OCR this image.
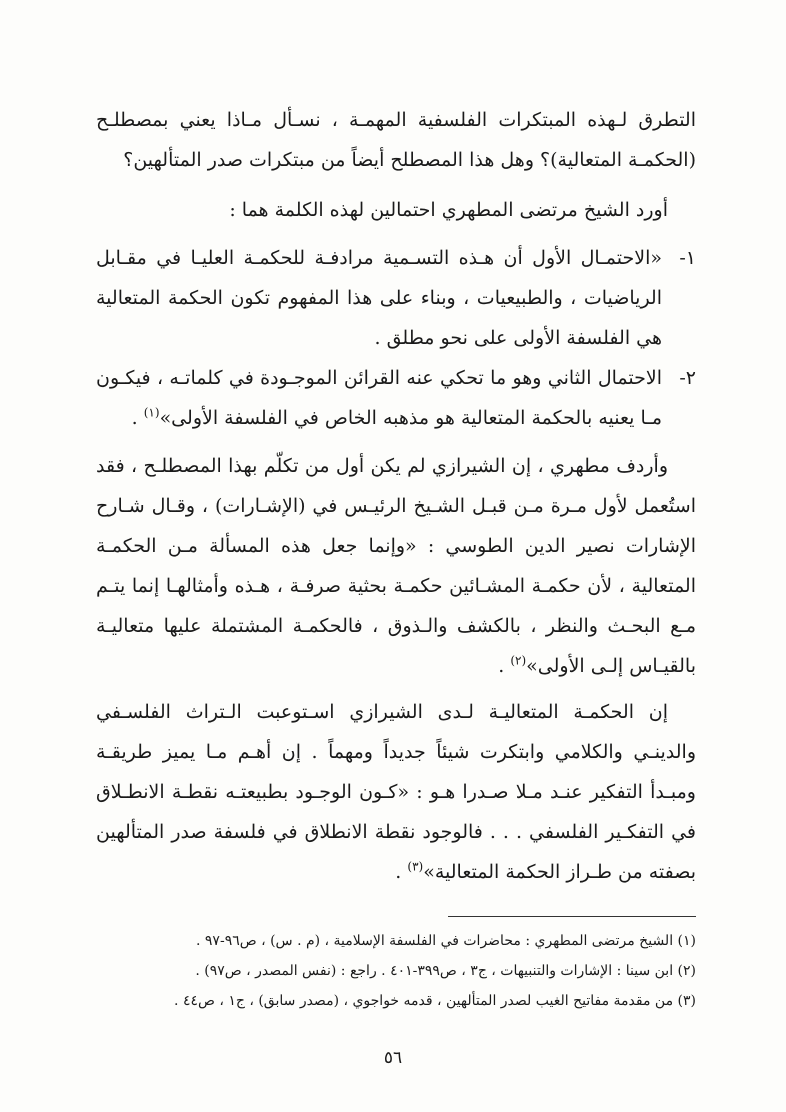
التطرق لـهذه المبتكرات الفلسفية المهمـة ، نسـأل مـاذا يعني بمصطلـح (الحكمـة المتعالية)؟ وهل هذا المصطلح أيضاً من مبتكرات صدر المتألهين؟

أورد الشيخ مرتضى المطهري احتمالين لهذه الكلمة هما :

١-
«الاحتمـال الأول أن هـذه التسـمية مرادفـة للحكمـة العليـا في مقـابل الرياضيات ، والطبيعيات ، وبناء على هذا المفهوم تكون الحكمة المتعالية هي الفلسفة الأولى على نحو مطلق .
٢-
الاحتمال الثاني وهو ما تحكي عنه القرائن الموجـودة في كلماتـه ، فيكـون مـا يعنيه بالحكمة المتعالية هو مذهبه الخاص في الفلسفة الأولى»$^{(١)}$ .

وأردف مطهري ، إن الشيرازي لم يكن أول من تكلّم بهذا المصطلـح ، فقد استُعمل لأول مـرة مـن قبـل الشـيخ الرئيـس في (الإشـارات) ، وقـال شـارح الإشارات نصير الدين الطوسي : «وإنما جعل هذه المسألة مـن الحكمـة المتعالية ، لأن حكمـة المشـائين حكمـة بحثية صرفـة ، هـذه وأمثالهـا إنما يتـم مـع البحـث والنظر ، بالكشف والـذوق ، فالحكمـة المشتملة عليها متعاليـة بالقيـاس إلـى الأولى»$^{(٢)}$ .

إن الحكمـة المتعاليـة لـدى الشيرازي اسـتوعبت الـتراث الفلسـفي والدينـي والكلامي وابتكرت شيئاً جديداً ومهماً . إن أهـم مـا يميز طريقـة ومبـدأ التفكير عنـد مـلا صـدرا هـو : «كـون الوجـود بطبيعتـه نقطـة الانطـلاق في التفكـير الفلسفي . . . فالوجود نقطة الانطلاق في فلسفة صدر المتألهين بصفته من طـراز الحكمة المتعالية»$^{(٣)}$ .

(١) الشيخ مرتضى المطهري : محاضرات في الفلسفة الإسلامية ، (م . س) ، ص٩٦-٩٧ .

(٢) ابن سينا : الإشارات والتنبيهات ، ج٣ ، ص٣٩٩-٤٠١ . راجع : (نفس المصدر ، ص٩٧) .

(٣) من مقدمة مفاتيح الغيب لصدر المتألهين ، قدمه خواجوي ، (مصدر سابق) ، ج١ ، ص٤٤ .

٥٦
